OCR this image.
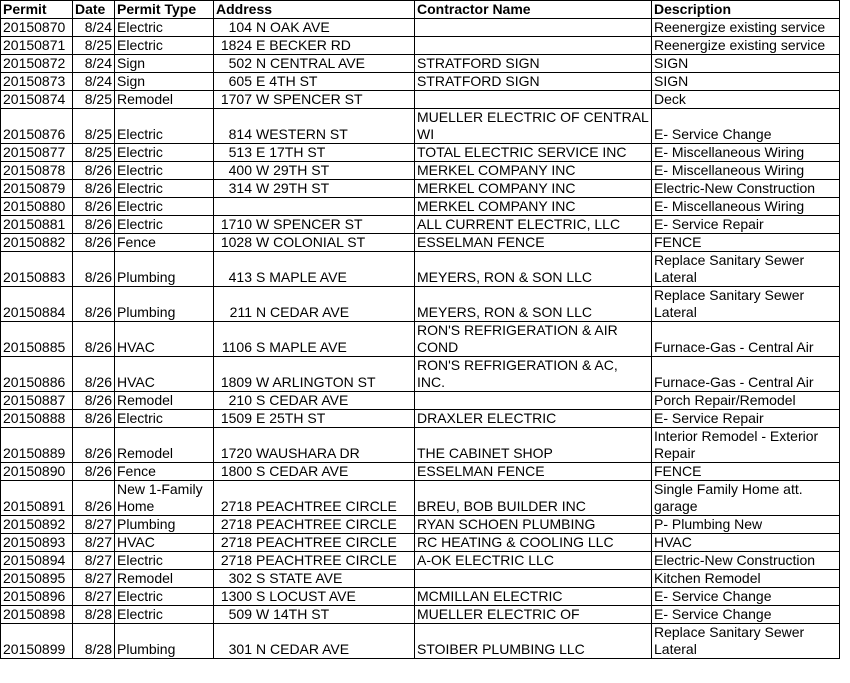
Permit	Date	Permit Type	Address	Contractor Name	Description
20150870	8/24	Electric	104 N OAK AVE		Reenergize existing service
20150871	8/25	Electric	1824 E BECKER RD		Reenergize existing service
20150872	8/24	Sign	502 N CENTRAL AVE	STRATFORD SIGN	SIGN
20150873	8/24	Sign	605 E 4TH ST	STRATFORD SIGN	SIGN
20150874	8/25	Remodel	1707 W SPENCER ST		Deck
20150876	8/25	Electric	814 WESTERN ST	MUELLER ELECTRIC OF CENTRAL WI	E- Service Change
20150877	8/25	Electric	513 E 17TH ST	TOTAL ELECTRIC SERVICE INC	E- Miscellaneous Wiring
20150878	8/26	Electric	400 W 29TH ST	MERKEL COMPANY INC	E- Miscellaneous Wiring
20150879	8/26	Electric	314 W 29TH ST	MERKEL COMPANY INC	Electric-New Construction
20150880	8/26	Electric		MERKEL COMPANY INC	E- Miscellaneous Wiring
20150881	8/26	Electric	1710 W SPENCER ST	ALL CURRENT ELECTRIC, LLC	E- Service Repair
20150882	8/26	Fence	1028 W COLONIAL ST	ESSELMAN FENCE	FENCE
20150883	8/26	Plumbing	413 S MAPLE AVE	MEYERS, RON & SON LLC	Replace Sanitary Sewer Lateral
20150884	8/26	Plumbing	211 N CEDAR AVE	MEYERS, RON & SON LLC	Replace Sanitary Sewer Lateral
20150885	8/26	HVAC	1106 S MAPLE AVE	RON'S REFRIGERATION & AIR COND	Furnace-Gas - Central Air
20150886	8/26	HVAC	1809 W ARLINGTON ST	RON'S REFRIGERATION & AC, INC.	Furnace-Gas - Central Air
20150887	8/26	Remodel	210 S CEDAR AVE		Porch Repair/Remodel
20150888	8/26	Electric	1509 E 25TH ST	DRAXLER ELECTRIC	E- Service Repair
20150889	8/26	Remodel	1720 WAUSHARA DR	THE CABINET SHOP	Interior Remodel - Exterior Repair
20150890	8/26	Fence	1800 S CEDAR AVE	ESSELMAN FENCE	FENCE
20150891	8/26	New 1-Family Home	2718 PEACHTREE CIRCLE	BREU, BOB BUILDER INC	Single Family Home att. garage
20150892	8/27	Plumbing	2718 PEACHTREE CIRCLE	RYAN SCHOEN PLUMBING	P- Plumbing New
20150893	8/27	HVAC	2718 PEACHTREE CIRCLE	RC HEATING & COOLING LLC	HVAC
20150894	8/27	Electric	2718 PEACHTREE CIRCLE	A-OK ELECTRIC LLC	Electric-New Construction
20150895	8/27	Remodel	302 S STATE AVE		Kitchen Remodel
20150896	8/27	Electric	1300 S LOCUST AVE	MCMILLAN ELECTRIC	E- Service Change
20150898	8/28	Electric	509 W 14TH ST	MUELLER ELECTRIC OF	E- Service Change
20150899	8/28	Plumbing	301 N CEDAR AVE	STOIBER PLUMBING LLC	Replace Sanitary Sewer Lateral
